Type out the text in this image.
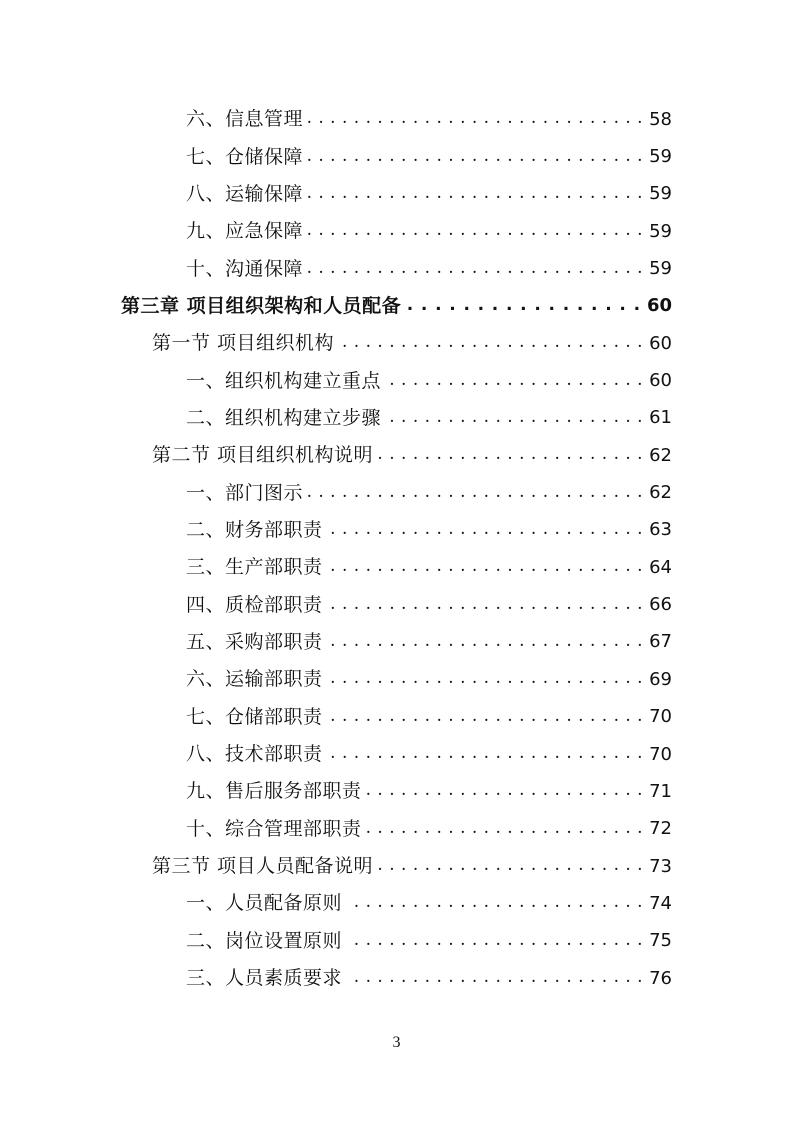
六、信息管理 . . .	58
七、仓储保障 . . .	59
八、运输保障 . . .	59
九、应急保障 . . .	59
十、沟通保障 . . .	59
第三章 项目组织架构和人员配备 . . .	60
第一节 项目组织机构 . . .	60
一、组织机构建立重点 . . .	60
二、组织机构建立步骤 . . .	61
第二节 项目组织机构说明 . . .	62
一、部门图示 . . .	62
二、财务部职责 . . .	63
三、生产部职责 . . .	64
四、质检部职责 . . .	66
五、采购部职责 . . .	67
六、运输部职责 . . .	69
七、仓储部职责 . . .	70
八、技术部职责 . . .	70
九、售后服务部职责 . . .	71
十、综合管理部职责 . . .	72
第三节 项目人员配备说明 . . .	73
一、人员配备原则 . . .	74
二、岗位设置原则 . . .	75
三、人员素质要求 . . .	76
3
